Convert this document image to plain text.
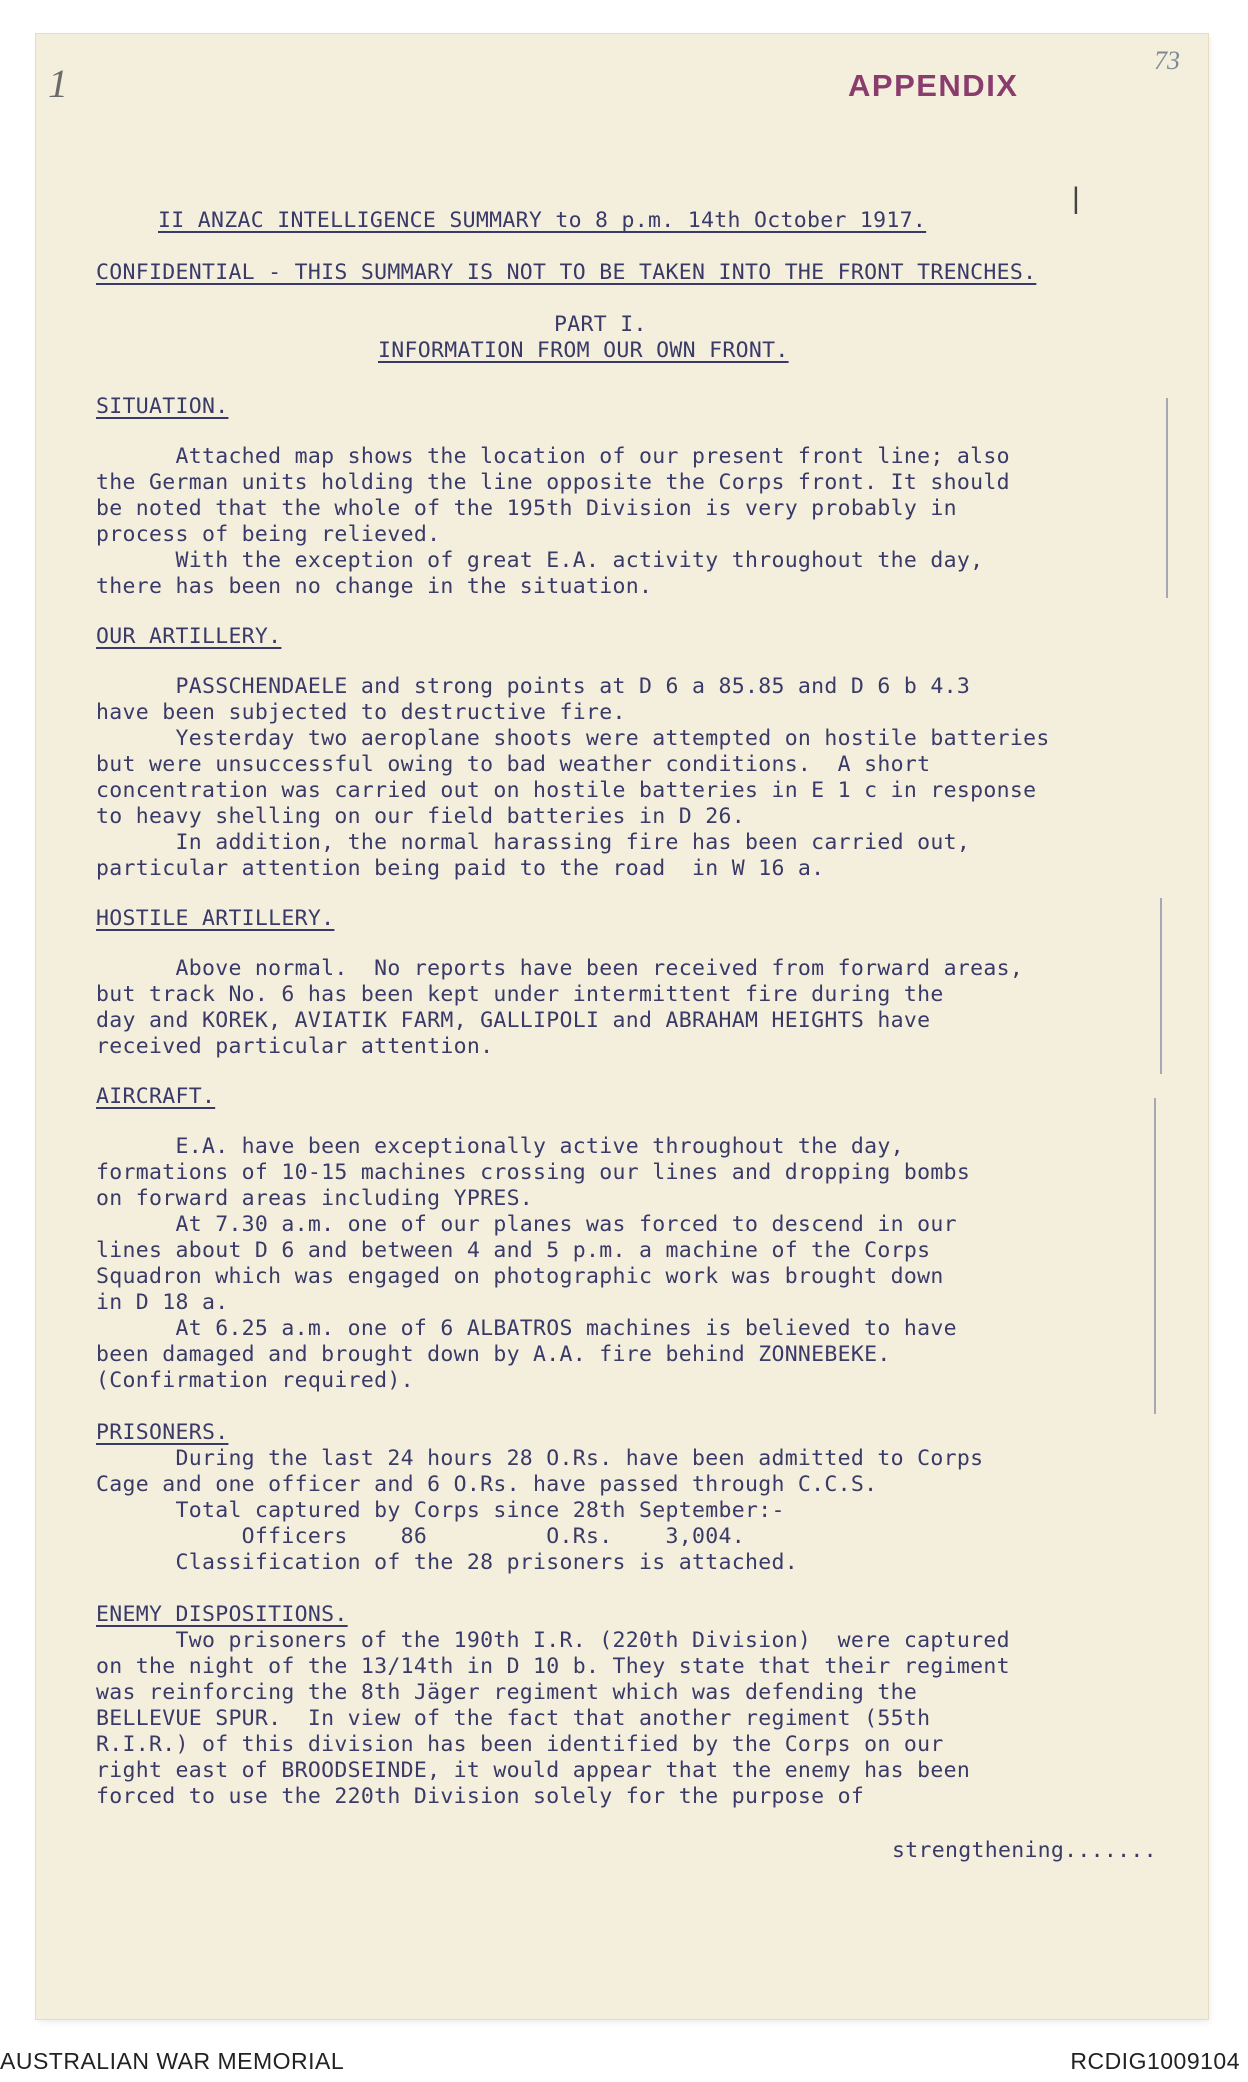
1	APPENDIX
73
|
II ANZAC INTELLIGENCE SUMMARY to 8 p.m. 14th October 1917.
CONFIDENTIAL - THIS SUMMARY IS NOT TO BE TAKEN INTO THE FRONT TRENCHES.
PART I.
INFORMATION FROM OUR OWN FRONT.
SITUATION.
Attached map shows the location of our present front line; also
the German units holding the line opposite the Corps front. It should
be noted that the whole of the 195th Division is very probably in
process of being relieved.
With the exception of great E.A. activity throughout the day,
there has been no change in the situation.
OUR ARTILLERY.
PASSCHENDAELE and strong points at D 6 a 85.85 and D 6 b 4.3
have been subjected to destructive fire.
Yesterday two aeroplane shoots were attempted on hostile batteries
but were unsuccessful owing to bad weather conditions.  A short
concentration was carried out on hostile batteries in E 1 c in response
to heavy shelling on our field batteries in D 26.
In addition, the normal harassing fire has been carried out,
particular attention being paid to the road  in W 16 a.
HOSTILE ARTILLERY.
Above normal.  No reports have been received from forward areas,
but track No. 6 has been kept under intermittent fire during the
day and KOREK, AVIATIK FARM, GALLIPOLI and ABRAHAM HEIGHTS have
received particular attention.
AIRCRAFT.
E.A. have been exceptionally active throughout the day,
formations of 10-15 machines crossing our lines and dropping bombs
on forward areas including YPRES.
At 7.30 a.m. one of our planes was forced to descend in our
lines about D 6 and between 4 and 5 p.m. a machine of the Corps
Squadron which was engaged on photographic work was brought down
in D 18 a.
At 6.25 a.m. one of 6 ALBATROS machines is believed to have
been damaged and brought down by A.A. fire behind ZONNEBEKE.
(Confirmation required).
PRISONERS.
During the last 24 hours 28 O.Rs. have been admitted to Corps
Cage and one officer and 6 O.Rs. have passed through C.C.S.
Total captured by Corps since 28th September:-
Officers    86         O.Rs.    3,004.
Classification of the 28 prisoners is attached.
ENEMY DISPOSITIONS.
Two prisoners of the 190th I.R. (220th Division)  were captured
on the night of the 13/14th in D 10 b. They state that their regiment
was reinforcing the 8th Jäger regiment which was defending the
BELLEVUE SPUR.  In view of the fact that another regiment (55th
R.I.R.) of this division has been identified by the Corps on our
right east of BROODSEINDE, it would appear that the enemy has been
forced to use the 220th Division solely for the purpose of
strengthening.......
AUSTRALIAN WAR MEMORIAL	RCDIG1009104
